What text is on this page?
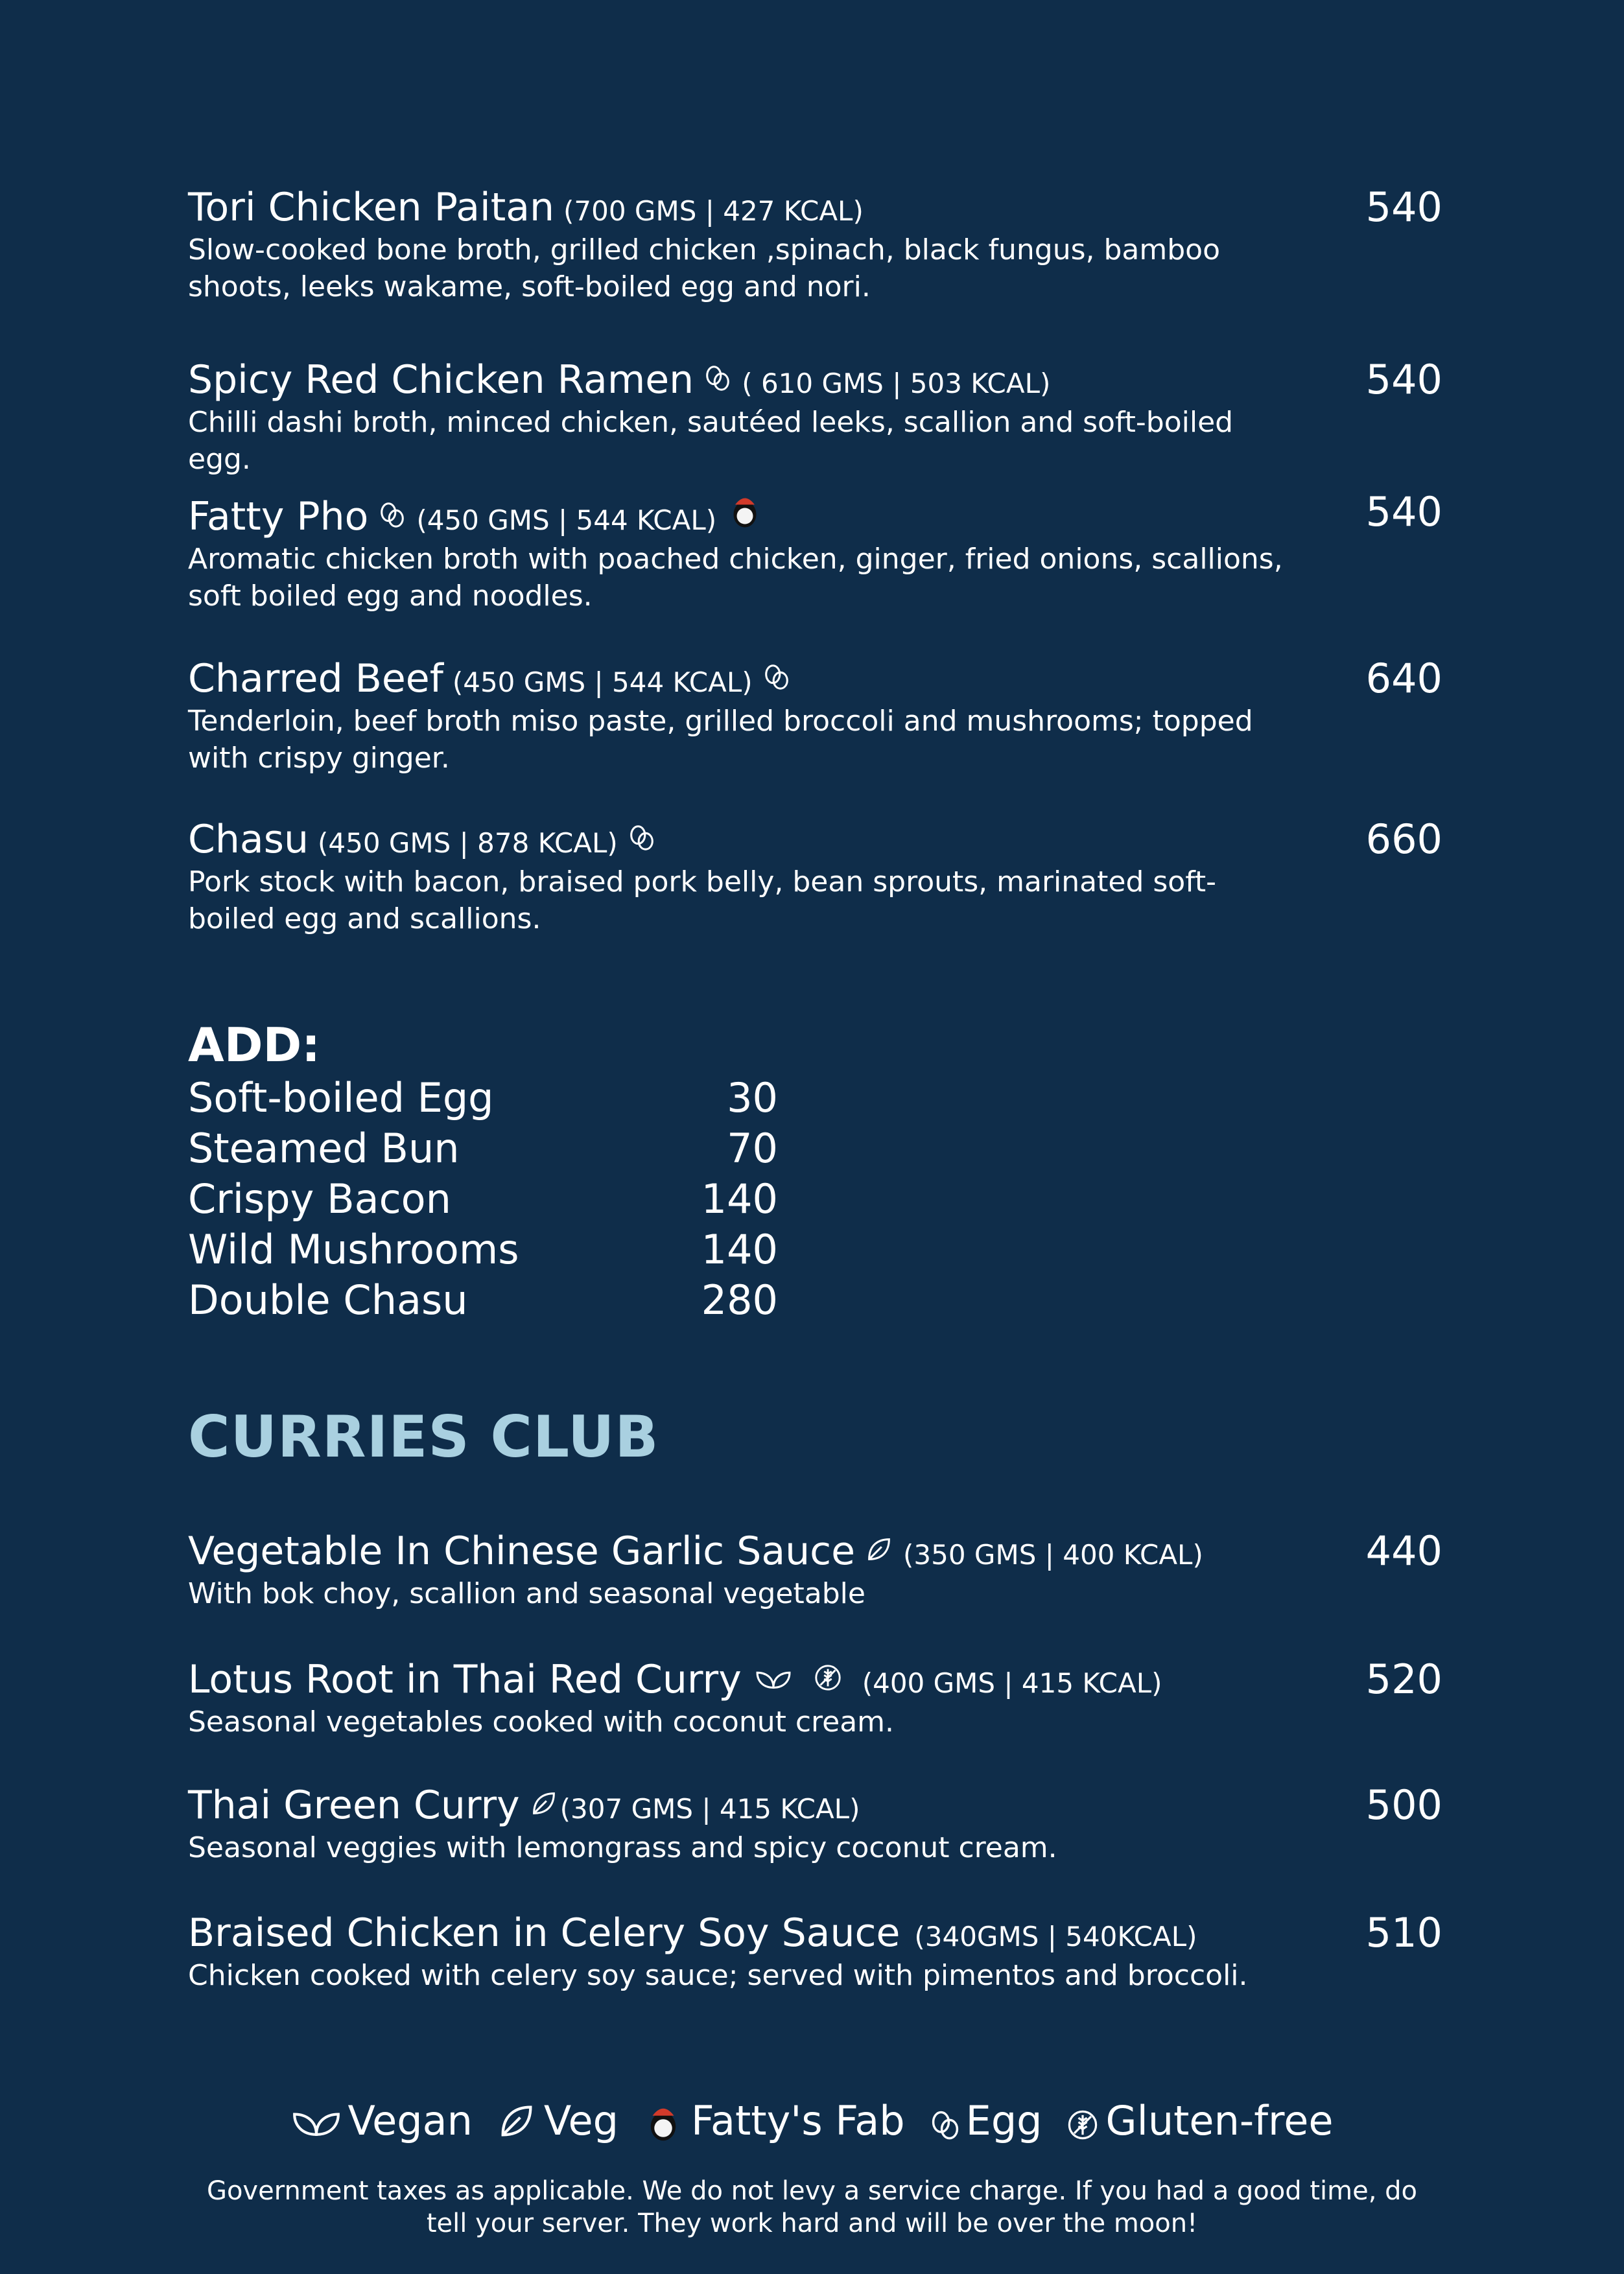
Tori Chicken Paitan (700 GMS | 427 KCAL)	540
Slow-cooked bone broth, grilled chicken ,spinach, black fungus, bamboo shoots, leeks wakame, soft-boiled egg and nori.
Spicy Red Chicken Ramen ( 610 GMS | 503 KCAL)	540
Chilli dashi broth, minced chicken, sautéed leeks, scallion and soft-boiled egg.
Fatty Pho (450 GMS | 544 KCAL)	540
Aromatic chicken broth with poached chicken, ginger, fried onions, scallions, soft boiled egg and noodles.
Charred Beef (450 GMS | 544 KCAL)	640
Tenderloin, beef broth miso paste, grilled broccoli and mushrooms; topped with crispy ginger.
Chasu (450 GMS | 878 KCAL)	660
Pork stock with bacon, braised pork belly, bean sprouts, marinated soft- boiled egg and scallions.
ADD:
Soft-boiled Egg	30
Steamed Bun	70
Crispy Bacon	140
Wild Mushrooms	140
Double Chasu	280
CURRIES CLUB
Vegetable In Chinese Garlic Sauce (350 GMS | 400 KCAL)	440
With bok choy, scallion and seasonal vegetable
Lotus Root in Thai Red Curry	(400 GMS | 415 KCAL)	520
Seasonal vegetables cooked with coconut cream.
Thai Green Curry (307 GMS | 415 KCAL)	500
Seasonal veggies with lemongrass and spicy coconut cream.
Braised Chicken in Celery Soy Sauce (340GMS | 540KCAL)	510
Chicken cooked with celery soy sauce; served with pimentos and broccoli.
Vegan Veg Fatty's Fab Egg Gluten-free
Government taxes as applicable. We do not levy a service charge. If you had a good time, do tell your server. They work hard and will be over the moon!
